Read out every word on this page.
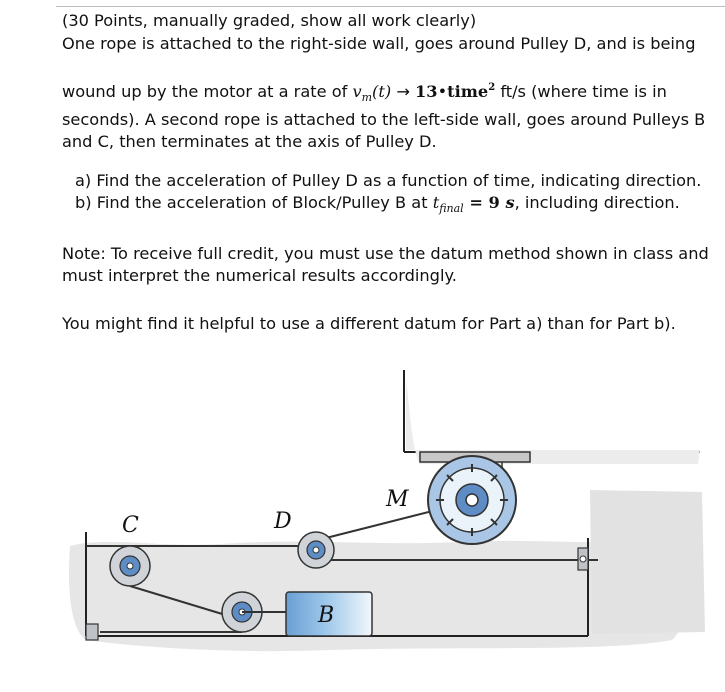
(30 Points, manually graded, show all work clearly)

One rope is attached to the right-side wall, goes around Pulley D, and is being

wound up by the motor at a rate of $v_m(t)$ → 13•time$^2$ ft/s (where time is in seconds). A second rope is attached to the left-side wall, goes around Pulleys B and C, then terminates at the axis of Pulley D.

a) Find the acceleration of Pulley D as a function of time, indicating direction.
b) Find the acceleration of Block/Pulley B at $t_{final} = 9$ s, including direction.

Note: To receive full credit, you must use the datum method shown in class and must interpret the numerical results accordingly.

You might find it helpful to use a different datum for Part a) than for Part b).

M
D
C
B
